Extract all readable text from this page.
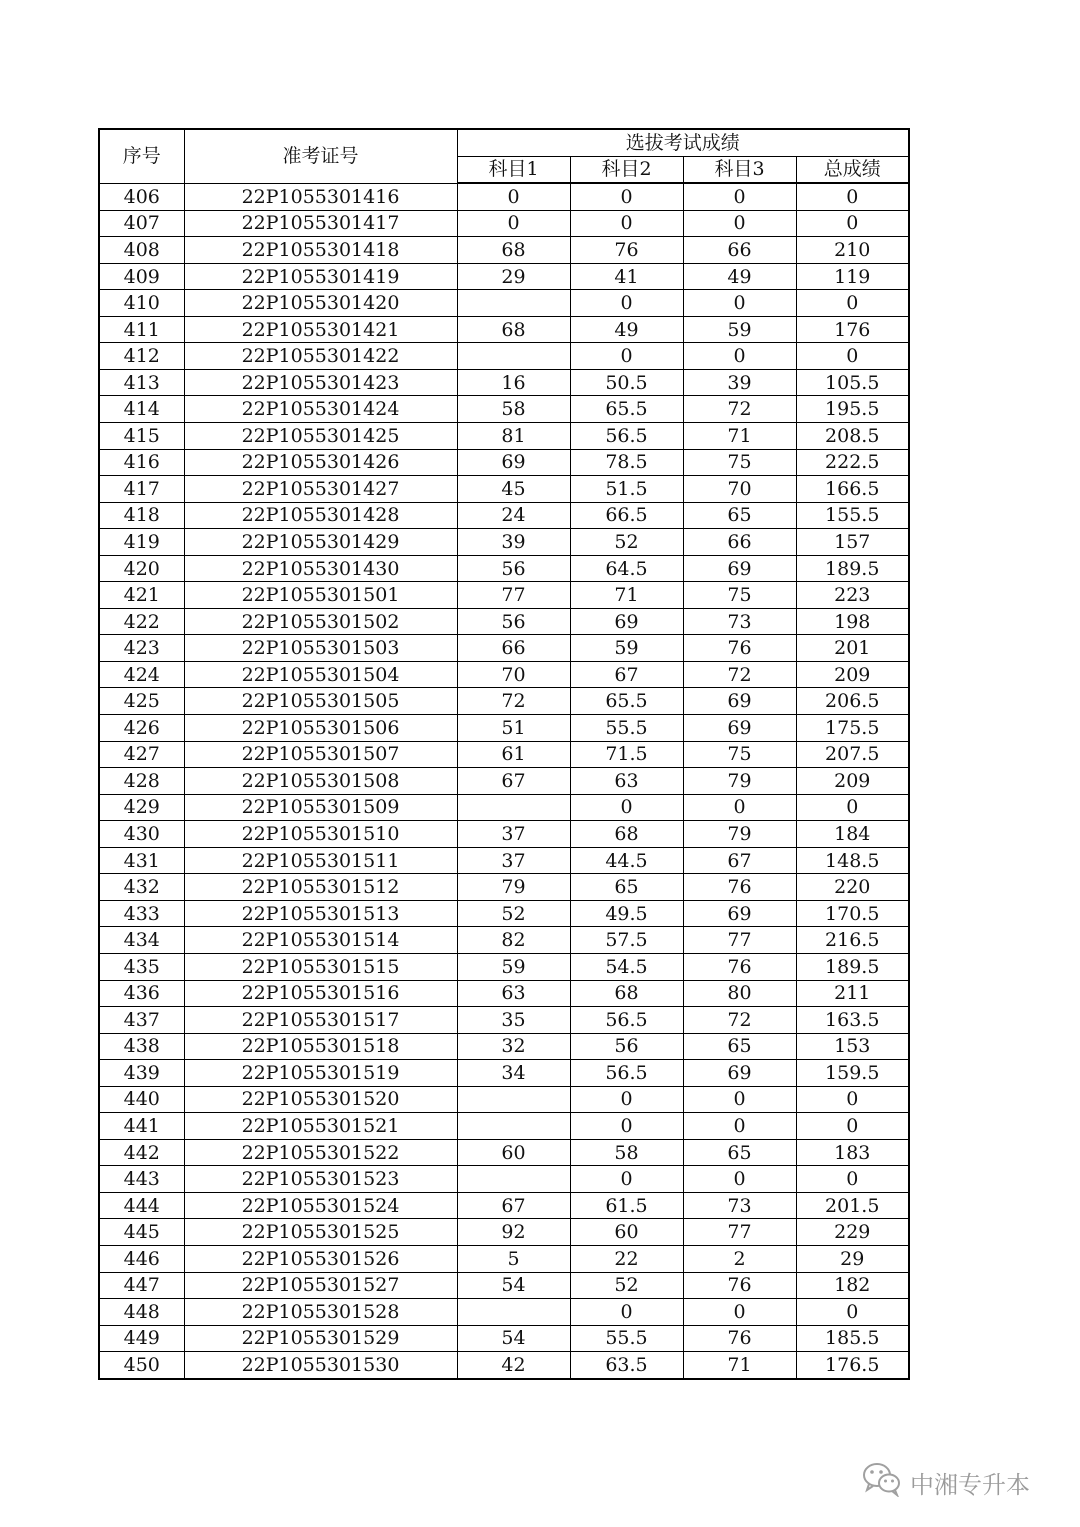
序号	准考证号	选拔考试成绩			
		科目1	科目2	科目3	总成绩
406	22P1055301416	0	0	0	0
407	22P1055301417	0	0	0	0
408	22P1055301418	68	76	66	210
409	22P1055301419	29	41	49	119
410	22P1055301420		0	0	0
411	22P1055301421	68	49	59	176
412	22P1055301422		0	0	0
413	22P1055301423	16	50.5	39	105.5
414	22P1055301424	58	65.5	72	195.5
415	22P1055301425	81	56.5	71	208.5
416	22P1055301426	69	78.5	75	222.5
417	22P1055301427	45	51.5	70	166.5
418	22P1055301428	24	66.5	65	155.5
419	22P1055301429	39	52	66	157
420	22P1055301430	56	64.5	69	189.5
421	22P1055301501	77	71	75	223
422	22P1055301502	56	69	73	198
423	22P1055301503	66	59	76	201
424	22P1055301504	70	67	72	209
425	22P1055301505	72	65.5	69	206.5
426	22P1055301506	51	55.5	69	175.5
427	22P1055301507	61	71.5	75	207.5
428	22P1055301508	67	63	79	209
429	22P1055301509		0	0	0
430	22P1055301510	37	68	79	184
431	22P1055301511	37	44.5	67	148.5
432	22P1055301512	79	65	76	220
433	22P1055301513	52	49.5	69	170.5
434	22P1055301514	82	57.5	77	216.5
435	22P1055301515	59	54.5	76	189.5
436	22P1055301516	63	68	80	211
437	22P1055301517	35	56.5	72	163.5
438	22P1055301518	32	56	65	153
439	22P1055301519	34	56.5	69	159.5
440	22P1055301520		0	0	0
441	22P1055301521		0	0	0
442	22P1055301522	60	58	65	183
443	22P1055301523		0	0	0
444	22P1055301524	67	61.5	73	201.5
445	22P1055301525	92	60	77	229
446	22P1055301526	5	22	2	29
447	22P1055301527	54	52	76	182
448	22P1055301528		0	0	0
449	22P1055301529	54	55.5	76	185.5
450	22P1055301530	42	63.5	71	176.5
中湘专升本
